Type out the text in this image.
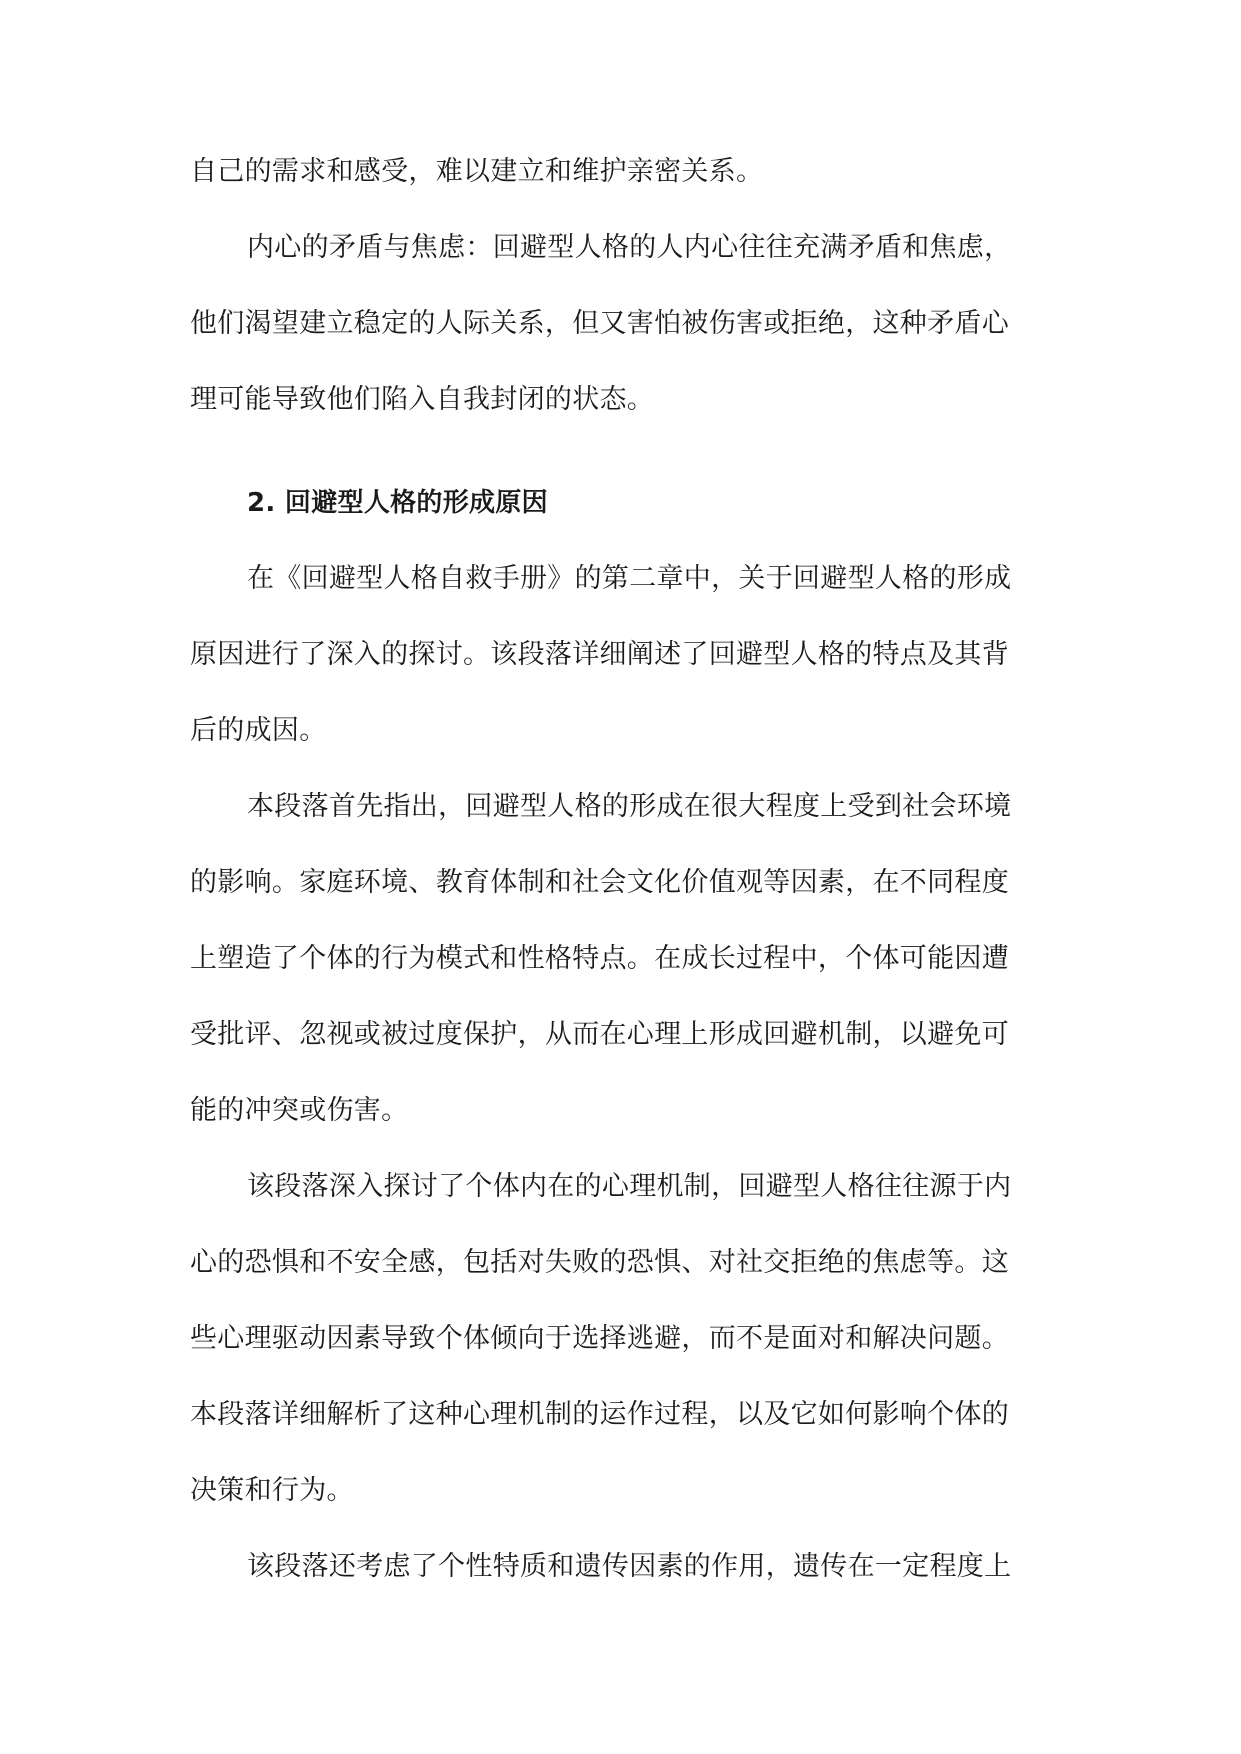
自己的需求和感受，难以建立和维护亲密关系。
内心的矛盾与焦虑：回避型人格的人内心往往充满矛盾和焦虑，
他们渴望建立稳定的人际关系，但又害怕被伤害或拒绝，这种矛盾心
理可能导致他们陷入自我封闭的状态。
2. 回避型人格的形成原因
在《回避型人格自救手册》的第二章中，关于回避型人格的形成
原因进行了深入的探讨。该段落详细阐述了回避型人格的特点及其背
后的成因。
本段落首先指出，回避型人格的形成在很大程度上受到社会环境
的影响。家庭环境、教育体制和社会文化价值观等因素，在不同程度
上塑造了个体的行为模式和性格特点。在成长过程中，个体可能因遭
受批评、忽视或被过度保护，从而在心理上形成回避机制，以避免可
能的冲突或伤害。
该段落深入探讨了个体内在的心理机制，回避型人格往往源于内
心的恐惧和不安全感，包括对失败的恐惧、对社交拒绝的焦虑等。这
些心理驱动因素导致个体倾向于选择逃避，而不是面对和解决问题。
本段落详细解析了这种心理机制的运作过程，以及它如何影响个体的
决策和行为。
该段落还考虑了个性特质和遗传因素的作用，遗传在一定程度上
